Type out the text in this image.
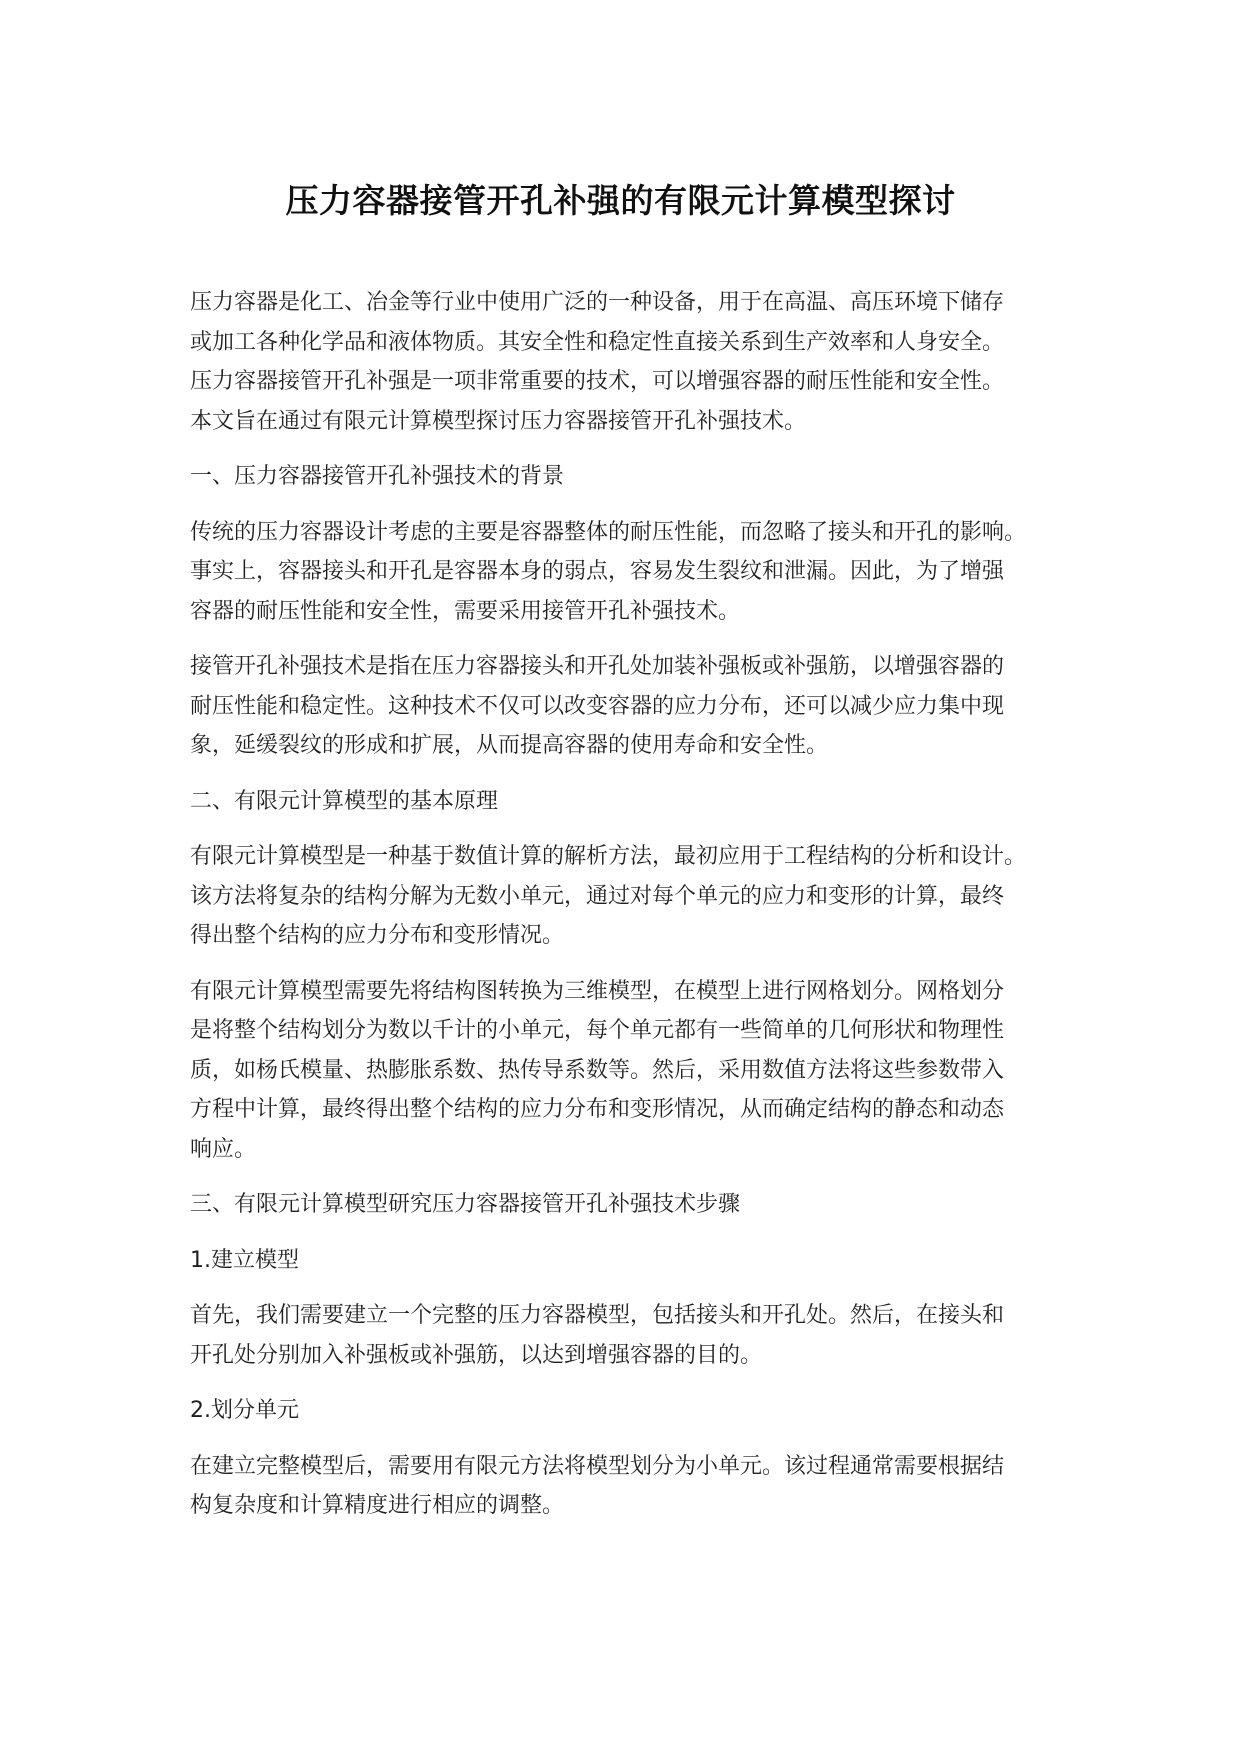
压力容器接管开孔补强的有限元计算模型探讨

压力容器是化工、冶金等行业中使用广泛的一种设备，用于在高温、高压环境下储存
或加工各种化学品和液体物质。其安全性和稳定性直接关系到生产效率和人身安全。
压力容器接管开孔补强是一项非常重要的技术，可以增强容器的耐压性能和安全性。
本文旨在通过有限元计算模型探讨压力容器接管开孔补强技术。

一、压力容器接管开孔补强技术的背景

传统的压力容器设计考虑的主要是容器整体的耐压性能，而忽略了接头和开孔的影响。
事实上，容器接头和开孔是容器本身的弱点，容易发生裂纹和泄漏。因此，为了增强
容器的耐压性能和安全性，需要采用接管开孔补强技术。

接管开孔补强技术是指在压力容器接头和开孔处加装补强板或补强筋，以增强容器的
耐压性能和稳定性。这种技术不仅可以改变容器的应力分布，还可以减少应力集中现
象，延缓裂纹的形成和扩展，从而提高容器的使用寿命和安全性。

二、有限元计算模型的基本原理

有限元计算模型是一种基于数值计算的解析方法，最初应用于工程结构的分析和设计。
该方法将复杂的结构分解为无数小单元，通过对每个单元的应力和变形的计算，最终
得出整个结构的应力分布和变形情况。

有限元计算模型需要先将结构图转换为三维模型，在模型上进行网格划分。网格划分
是将整个结构划分为数以千计的小单元，每个单元都有一些简单的几何形状和物理性
质，如杨氏模量、热膨胀系数、热传导系数等。然后，采用数值方法将这些参数带入
方程中计算，最终得出整个结构的应力分布和变形情况，从而确定结构的静态和动态
响应。

三、有限元计算模型研究压力容器接管开孔补强技术步骤

1.建立模型

首先，我们需要建立一个完整的压力容器模型，包括接头和开孔处。然后，在接头和
开孔处分别加入补强板或补强筋，以达到增强容器的目的。

2.划分单元

在建立完整模型后，需要用有限元方法将模型划分为小单元。该过程通常需要根据结
构复杂度和计算精度进行相应的调整。
